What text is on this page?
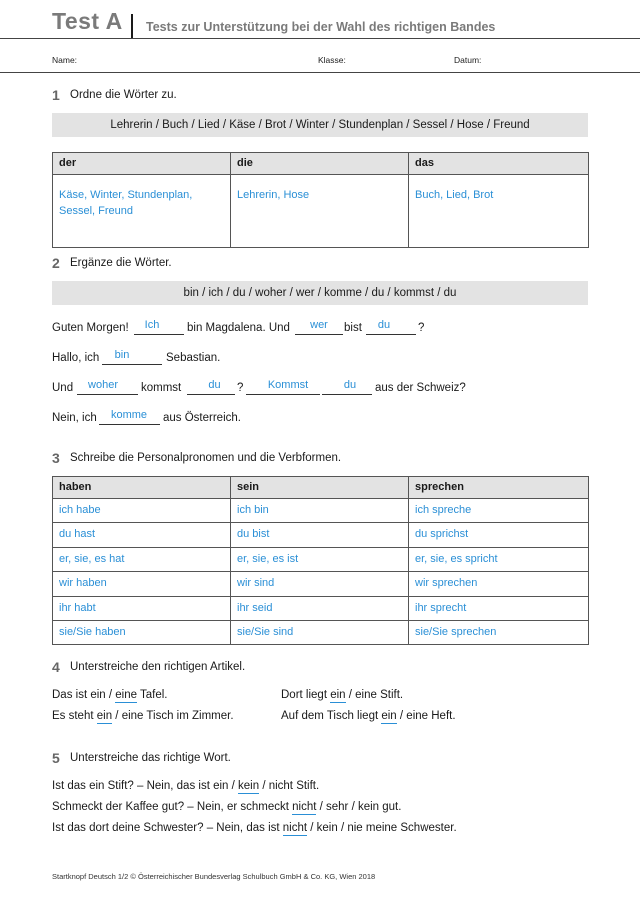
Test A Tests zur Unterstützung bei der Wahl des richtigen Bandes
Name:	Klasse:	Datum:
1 Ordne die Wörter zu.
Lehrerin / Buch / Lied / Käse / Brot / Winter / Stundenplan / Sessel / Hose / Freund
der	die	das

Käse, Winter, Stundenplan,
Sessel, Freund	Lehrerin, Hose	Buch, Lied, Brot
2 Ergänze die Wörter.
bin / ich / du / woher / wer / komme / du / kommst / du
Guten Morgen!	Ich	bin Magdalena. Und	wer	bist	du	?
Hallo, ich	bin	Sebastian.
Und	woher	kommst	du	?	Kommst	du	aus der Schweiz?
Nein, ich	komme	aus Österreich.
3 Schreibe die Personalpronomen und die Verbformen.
haben	sein	sprechen
ich habe	ich bin	ich spreche
du hast	du bist	du sprichst
er, sie, es hat	er, sie, es ist	er, sie, es spricht
wir haben	wir sind	wir sprechen
ihr habt	ihr seid	ihr sprecht
sie/Sie haben	sie/Sie sind	sie/Sie sprechen
4 Unterstreiche den richtigen Artikel.
Das ist ein / eine Tafel.
Es steht ein / eine Tisch im Zimmer.
Dort liegt ein / eine Stift.
Auf dem Tisch liegt ein / eine Heft.
5 Unterstreiche das richtige Wort.
Ist das ein Stift? – Nein, das ist ein / kein / nicht Stift.
Schmeckt der Kaffee gut? – Nein, er schmeckt nicht / sehr / kein gut.
Ist das dort deine Schwester? – Nein, das ist nicht / kein / nie meine Schwester.
Startknopf Deutsch 1/2 © Österreichischer Bundesverlag Schulbuch GmbH & Co. KG, Wien 2018
